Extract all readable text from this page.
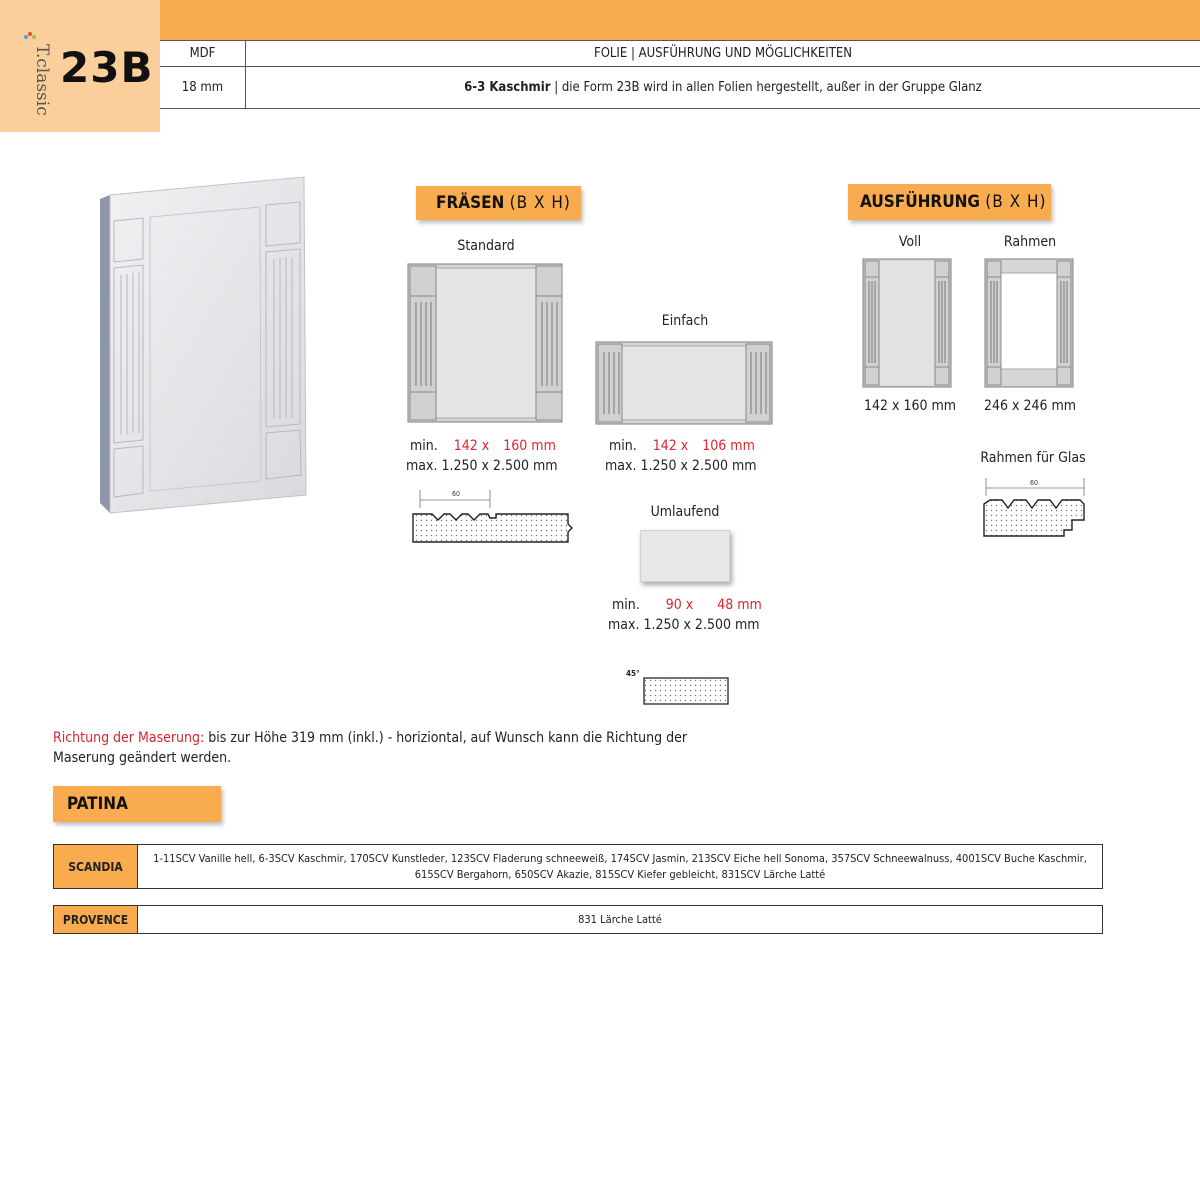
T.classic 23B	MDF	FOLIE | AUSFÜHRUNG UND MÖGLICHKEITEN
18 mm	6-3 Kaschmir | die Form 23B wird in allen Folien hergestellt, außer in der Gruppe Glanz
FRÄSEN (B X H)
Standard
min. 142 x 160 mm
max. 1.250 x 2.500 mm
60
Einfach
min. 142 x 106 mm
max. 1.250 x 2.500 mm
Umlaufend
min. 90 x 48 mm
max. 1.250 x 2.500 mm
45°
AUSFÜHRUNG (B X H)
Voll
142 x 160 mm
Rahmen
246 x 246 mm
Rahmen für Glas
60
Richtung der Maserung: bis zur Höhe 319 mm (inkl.) - horiziontal, auf Wunsch kann die Richtung der Maserung geändert werden.
PATINA
SCANDIA	1-11SCV Vanille hell, 6-3SCV Kaschmir, 170SCV Kunstleder, 123SCV Fladerung schneeweiß, 174SCV Jasmin, 213SCV Eiche hell Sonoma, 357SCV Schneewalnuss, 4001SCV Buche Kaschmir, 615SCV Bergahorn, 650SCV Akazie, 815SCV Kiefer gebleicht, 831SCV Lärche Latté
PROVENCE	831 Lärche Latté
